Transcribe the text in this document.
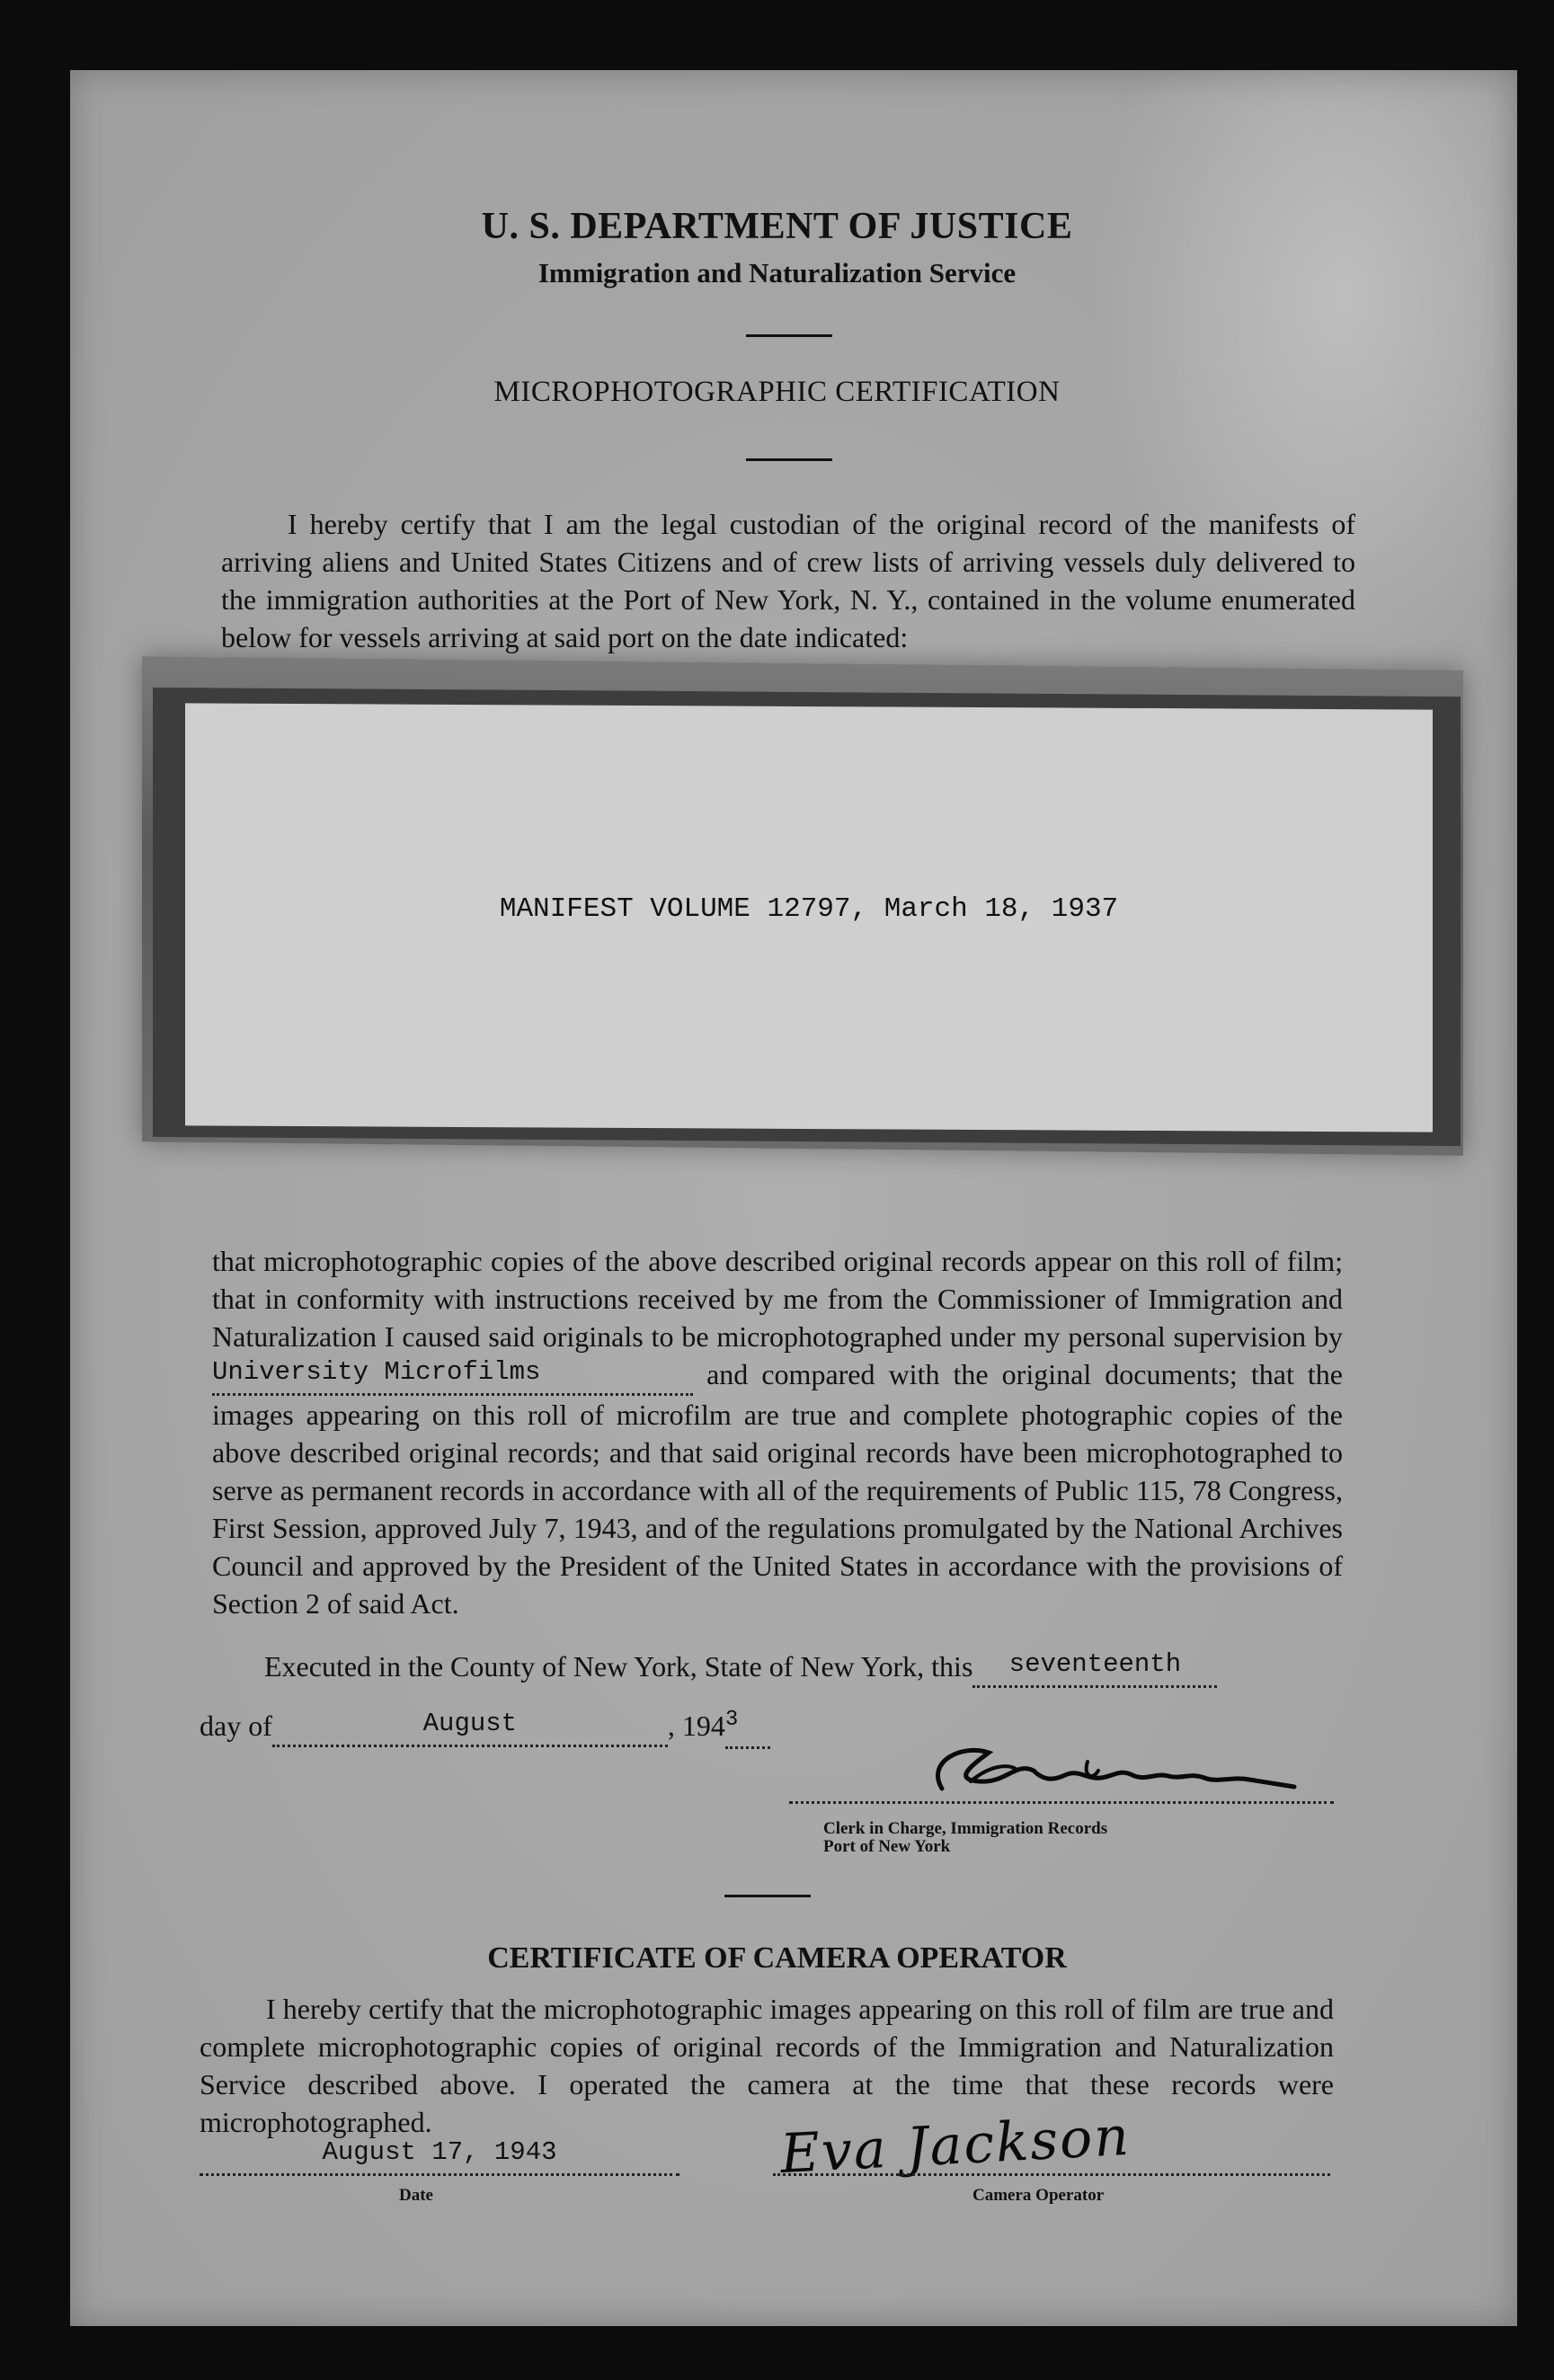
U. S. DEPARTMENT OF JUSTICE
Immigration and Naturalization Service
MICROPHOTOGRAPHIC CERTIFICATION
I hereby certify that I am the legal custodian of the original record of the manifests of arriving aliens and United States Citizens and of crew lists of arriving vessels duly delivered to the immigration authorities at the Port of New York, N. Y., contained in the volume enumerated below for vessels arriving at said port on the date indicated:
MANIFEST VOLUME 12797, March 18, 1937
that microphotographic copies of the above described original records appear on this roll of film; that in conformity with instructions received by me from the Commissioner of Immigration and Naturalization I caused said originals to be microphotographed under my personal supervision by University Microfilms	and compared with the original documents; that the images appearing on this roll of microfilm are true and complete photographic copies of the above described original records; and that said original records have been microphotographed to serve as permanent records in accordance with all of the requirements of Public 115, 78 Congress, First Session, approved July 7, 1943, and of the regulations promulgated by the National Archives Council and approved by the President of the United States in accordance with the provisions of Section 2 of said Act.
Executed in the County of New York, State of New York, this seventeenth
day of	August	, $194^3$
Clerk in Charge, Immigration Records
Port of New York
CERTIFICATE OF CAMERA OPERATOR
I hereby certify that the microphotographic images appearing on this roll of film are true and complete microphotographic copies of original records of the Immigration and Naturalization Service described above. I operated the camera at the time that these records were microphotographed.
August 17, 1943
Date
Eva Jackson
Camera Operator
